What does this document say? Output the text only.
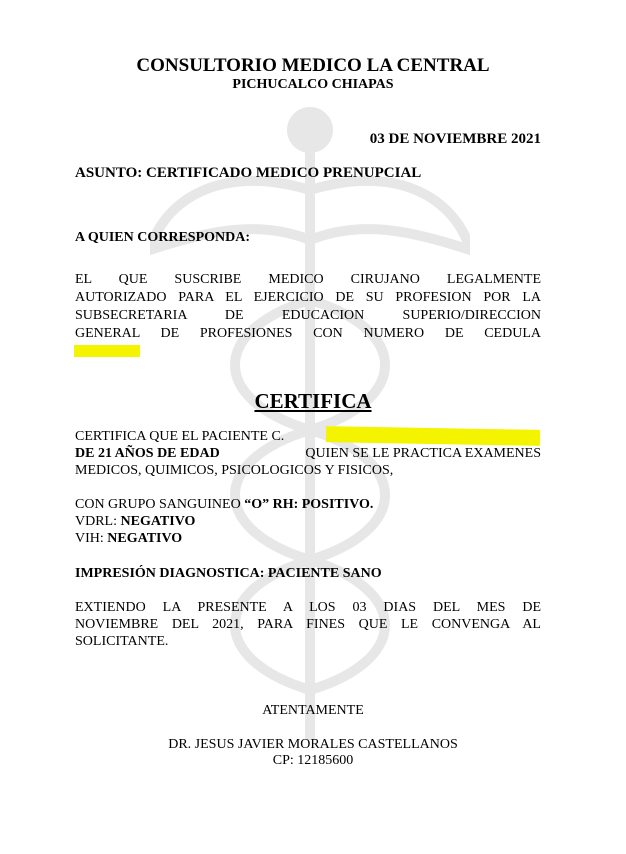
CONSULTORIO MEDICO LA CENTRAL
PICHUCALCO CHIAPAS
03 DE NOVIEMBRE 2021
ASUNTO: CERTIFICADO MEDICO PRENUPCIAL
A QUIEN CORRESPONDA:
EL QUE SUSCRIBE MEDICO CIRUJANO LEGALMENTE
AUTORIZADO PARA EL EJERCICIO DE SU PROFESION POR LA
SUBSECRETARIA DE EDUCACION SUPERIO/DIRECCION
GENERAL DE PROFESIONES CON NUMERO DE CEDULA
CERTIFICA
CERTIFICA QUE EL PACIENTE C.
DE 21 AÑOS DE EDAD	QUIEN SE LE PRACTICA EXAMENES
MEDICOS, QUIMICOS, PSICOLOGICOS Y FISICOS,
CON GRUPO SANGUINEO “O” RH: POSITIVO.
VDRL: NEGATIVO
VIH: NEGATIVO
IMPRESIÓN DIAGNOSTICA: PACIENTE SANO
EXTIENDO LA PRESENTE A LOS 03 DIAS DEL MES DE
NOVIEMBRE DEL 2021, PARA FINES QUE LE CONVENGA AL
SOLICITANTE.
ATENTAMENTE
DR. JESUS JAVIER MORALES CASTELLANOS
CP: 12185600
